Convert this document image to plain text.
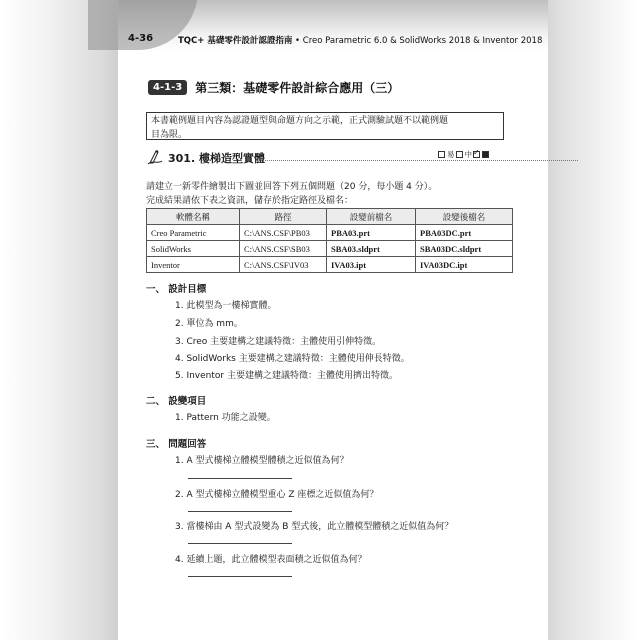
4-36	TQC+ 基礎零件設計認證指南 • Creo Parametric 6.0 & SolidWorks 2018 & Inventor 2018
4-1-3	第三類：基礎零件設計綜合應用（三）
本書範例題目內容為認證題型與命題方向之示範，正式測驗試題不以範例題
目為限。
301. 樓梯造型實體	易 中
✓
請建立一新零件繪製出下圖並回答下列五個問題（20 分，每小題 4 分）。
完成結果請依下表之資訊，儲存於指定路徑及檔名：
軟體名稱	路徑	設變前檔名	設變後檔名
Creo Parametric	C:\ANS.CSF\PB03	PBA03.prt	PBA03DC.prt
SolidWorks	C:\ANS.CSF\SB03	SBA03.sldprt	SBA03DC.sldprt
Inventor	C:\ANS.CSF\IV03	IVA03.ipt	IVA03DC.ipt
一、 設計目標
1. 此模型為一樓梯實體。
2. 單位為 mm。
3. Creo 主要建構之建議特徵：主體使用引伸特徵。
4. SolidWorks 主要建構之建議特徵：主體使用伸長特徵。
5. Inventor 主要建構之建議特徵：主體使用擠出特徵。
二、 設變項目
1. Pattern 功能之設變。
三、 問題回答
1. A 型式樓梯立體模型體積之近似值為何？
2. A 型式樓梯立體模型重心 Z 座標之近似值為何？
3. 當樓梯由 A 型式設變為 B 型式後，此立體模型體積之近似值為何？
4. 延續上題，此立體模型表面積之近似值為何？
